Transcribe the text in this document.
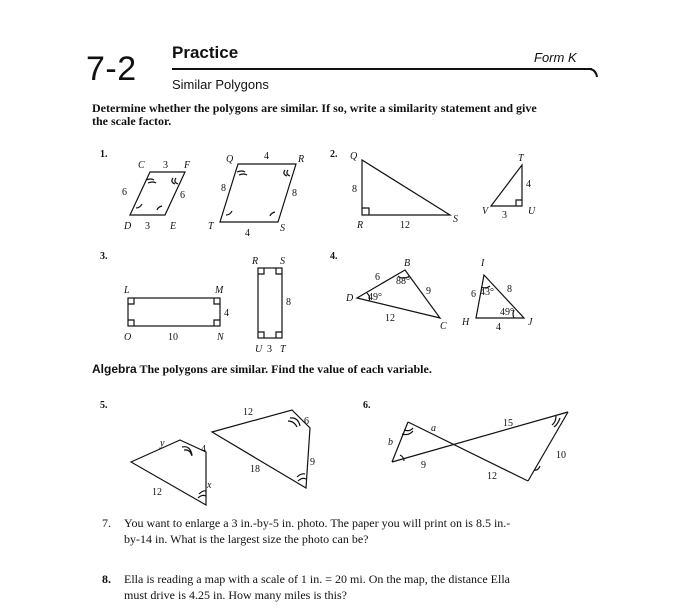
7-2 Practice	Form K
Similar Polygons
Determine whether the polygons are similar. If so, write a similarity statement and give the scale factor.
1.	2.
3.	4.
5.	6.
C	F
E
D
3
6	6
3
Q	R
S
T
4
8	8
4
Q
R
S
8
12
T
U
V
4
3
L	M
N
O
4
10
R S
T
U
8
3
B
C
D
6
9
12
88°
49°
I
J
H
6	8
4
43°
49°
y
4
x
12
12
6
9
18
a
b
9
15
10
12
Algebra The polygons are similar. Find the value of each variable.
7. You want to enlarge a 3 in.-by-5 in. photo. The paper you will print on is 8.5 in.-by-14 in. What is the largest size the photo can be?
8. Ella is reading a map with a scale of 1 in. = 20 mi. On the map, the distance Ella must drive is 4.25 in. How many miles is this?
